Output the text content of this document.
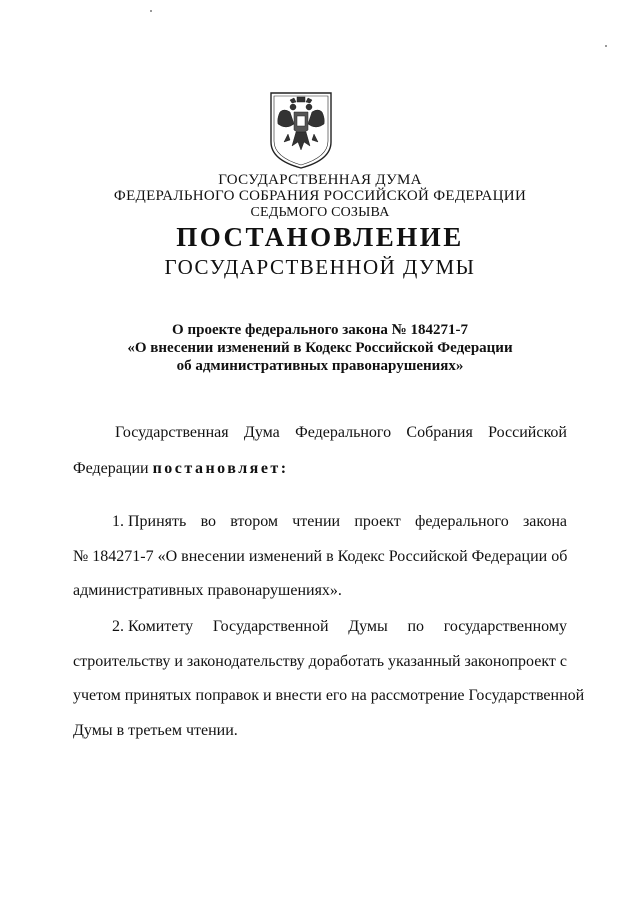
ГОСУДАРСТВЕННАЯ ДУМА
ФЕДЕРАЛЬНОГО СОБРАНИЯ РОССИЙСКОЙ ФЕДЕРАЦИИ
СЕДЬМОГО СОЗЫВА
ПОСТАНОВЛЕНИЕ
ГОСУДАРСТВЕННОЙ ДУМЫ
О проекте федерального закона № 184271-7
«О внесении изменений в Кодекс Российской Федерации
об административных правонарушениях»
Государственная Дума Федерального Собрания Российской
Федерации постановляет:
1. Принять во втором чтении проект федерального закона
№ 184271-7 «О внесении изменений в Кодекс Российской Федерации об
административных правонарушениях».
2. Комитету Государственной Думы по государственному
строительству и законодательству доработать указанный законопроект с
учетом принятых поправок и внести его на рассмотрение Государственной
Думы в третьем чтении.
